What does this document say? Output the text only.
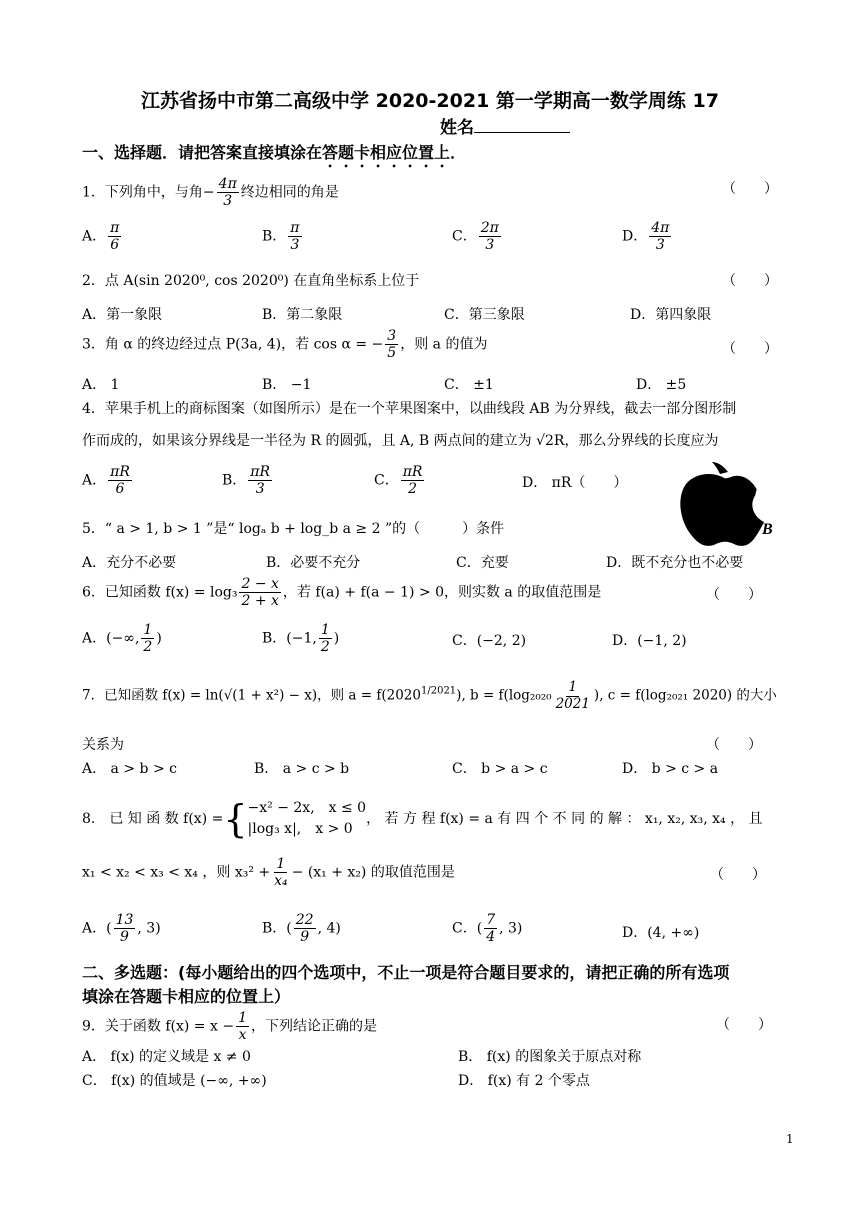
江苏省扬中市第二高级中学 2020-2021 第一学期高一数学周练 17
姓名
一、选择题．请把答案直接填涂在答题卡相应位置上．
1．下列角中，与角− $\frac{4\pi}{3}$ 终边相同的角是	（　　）
A． $\frac{\pi}{6}$	B． $\frac{\pi}{3}$	C． $\frac{2\pi}{3}$	D． $\frac{4\pi}{3}$
2．点 A(sin 2020⁰, cos 2020⁰) 在直角坐标系上位于	（　　）
A．第一象限	B．第二象限	C．第三象限	D．第四象限
3．角 α 的终边经过点 P(3a, 4)，若 cos α = − $\frac{3}{5}$ ，则 a 的值为	（　　）
A． 1	B． −1	C． ±1	D． ±5
4．苹果手机上的商标图案（如图所示）是在一个苹果图案中，以曲线段 AB 为分界线，截去一部分图形制
作而成的，如果该分界线是一半径为 R 的圆弧，且 A, B 两点间的建立为 √2R，那么分界线的长度应为
A． $\frac{\pi R}{6}$	B． $\frac{\pi R}{3}$	C． $\frac{\pi R}{2}$	D． πR（　　）
B
5．“ a > 1, b > 1 ”是“ logₐ b + log_b a ≥ 2 ”的（　　　）条件
A．充分不必要	B．必要不充分	C．充要	D．既不充分也不必要
6．已知函数 $f(x) = \log_3 \frac{2 - x}{2 + x}$ ，若 f(a) + f(a − 1) > 0，则实数 a 的取值范围是	（　　）
A．(−∞, $\frac{1}{2}$ )	B．(−1, $\frac{1}{2}$ )	C．(−2, 2)	D．(−1, 2)
7．已知函数 f(x) = ln(√(1 + x²) − x)，则 $a = f(2020^{1/2021})$, $b = f(\log_{2020} \frac{1}{2021}$ ), c = f(log₂₀₂₁ 2020) 的大小
关系为	（　　）
A． a > b > c	B． a > c > b	C． b > a > c	D． b > c > a
8． 已 知 函 数 f(x) ={ −x² − 2x,　x ≤ 0
|log₃ x|,　x > 0
， 若 方 程 f(x) = a 有 四 个 不 同 的 解 ： x₁, x₂, x₃, x₄ ， 且
x₁ < x₂ < x₃ < x₄ ，则 $x_3^2 + \frac{1}{\text{x₄}} - (x_1 + x_2)$ 的取值范围是	（　　）
A．( $\frac{13}{9}$ , 3)	B．( $\frac{22}{9}$ , 4)	C．( $\frac{7}{4}$ , 3)	D．(4, +∞)
二、多选题：(每小题给出的四个选项中，不止一项是符合题目要求的，请把正确的所有选项
填涂在答题卡相应的位置上）
9．关于函数 $f(x) = x - \frac{1}{x}$ ，下列结论正确的是	（　　）
A． f(x) 的定义域是 x ≠ 0	B． f(x) 的图象关于原点对称
C． f(x) 的值域是 (−∞, +∞)	D． f(x) 有 2 个零点
1
